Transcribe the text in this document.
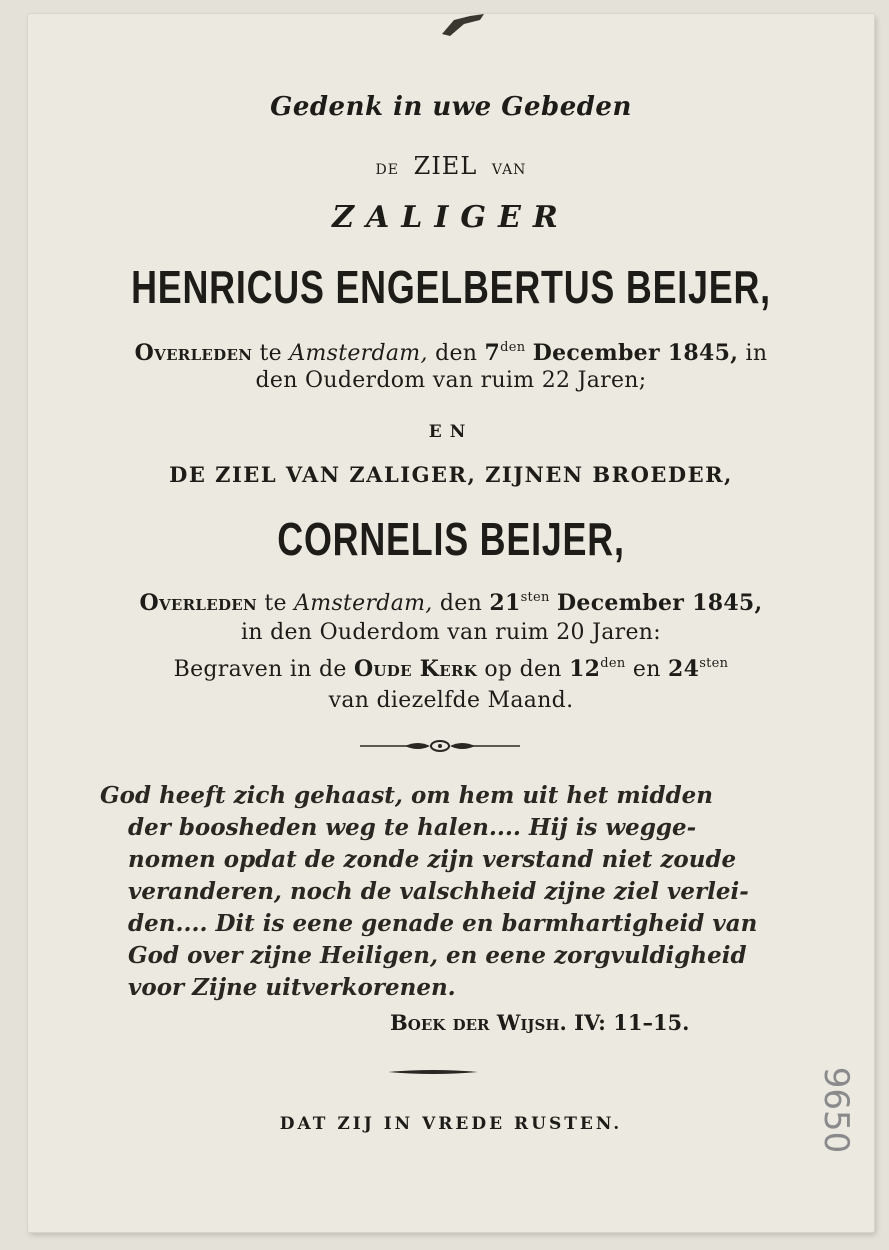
Gedenk in uwe Gebeden
de ZIEL van
ZALIGER
HENRICUS ENGELBERTUS BEIJER,
Overleden te Amsterdam, den $7^{den}$ December 1845, in
den Ouderdom van ruim 22 Jaren;
EN
DE ZIEL VAN ZALIGER, ZIJNEN BROEDER,
CORNELIS BEIJER,
Overleden te Amsterdam, den $21^{sten}$ December 1845,
in den Ouderdom van ruim 20 Jaren:
Begraven in de Oude Kerk op den $12^{den}$ en $24^{sten}$
van diezelfde Maand.
God heeft zich gehaast, om hem uit het midden
der boosheden weg te halen.... Hij is wegge-
nomen opdat de zonde zijn verstand niet zoude
veranderen, noch de valschheid zijne ziel verlei-
den.... Dit is eene genade en barmhartigheid van
God over zijne Heiligen, en eene zorgvuldigheid
voor Zijne uitverkorenen.
Boek der Wijsh. IV: 11–15.
DAT ZIJ IN VREDE RUSTEN.	9650
